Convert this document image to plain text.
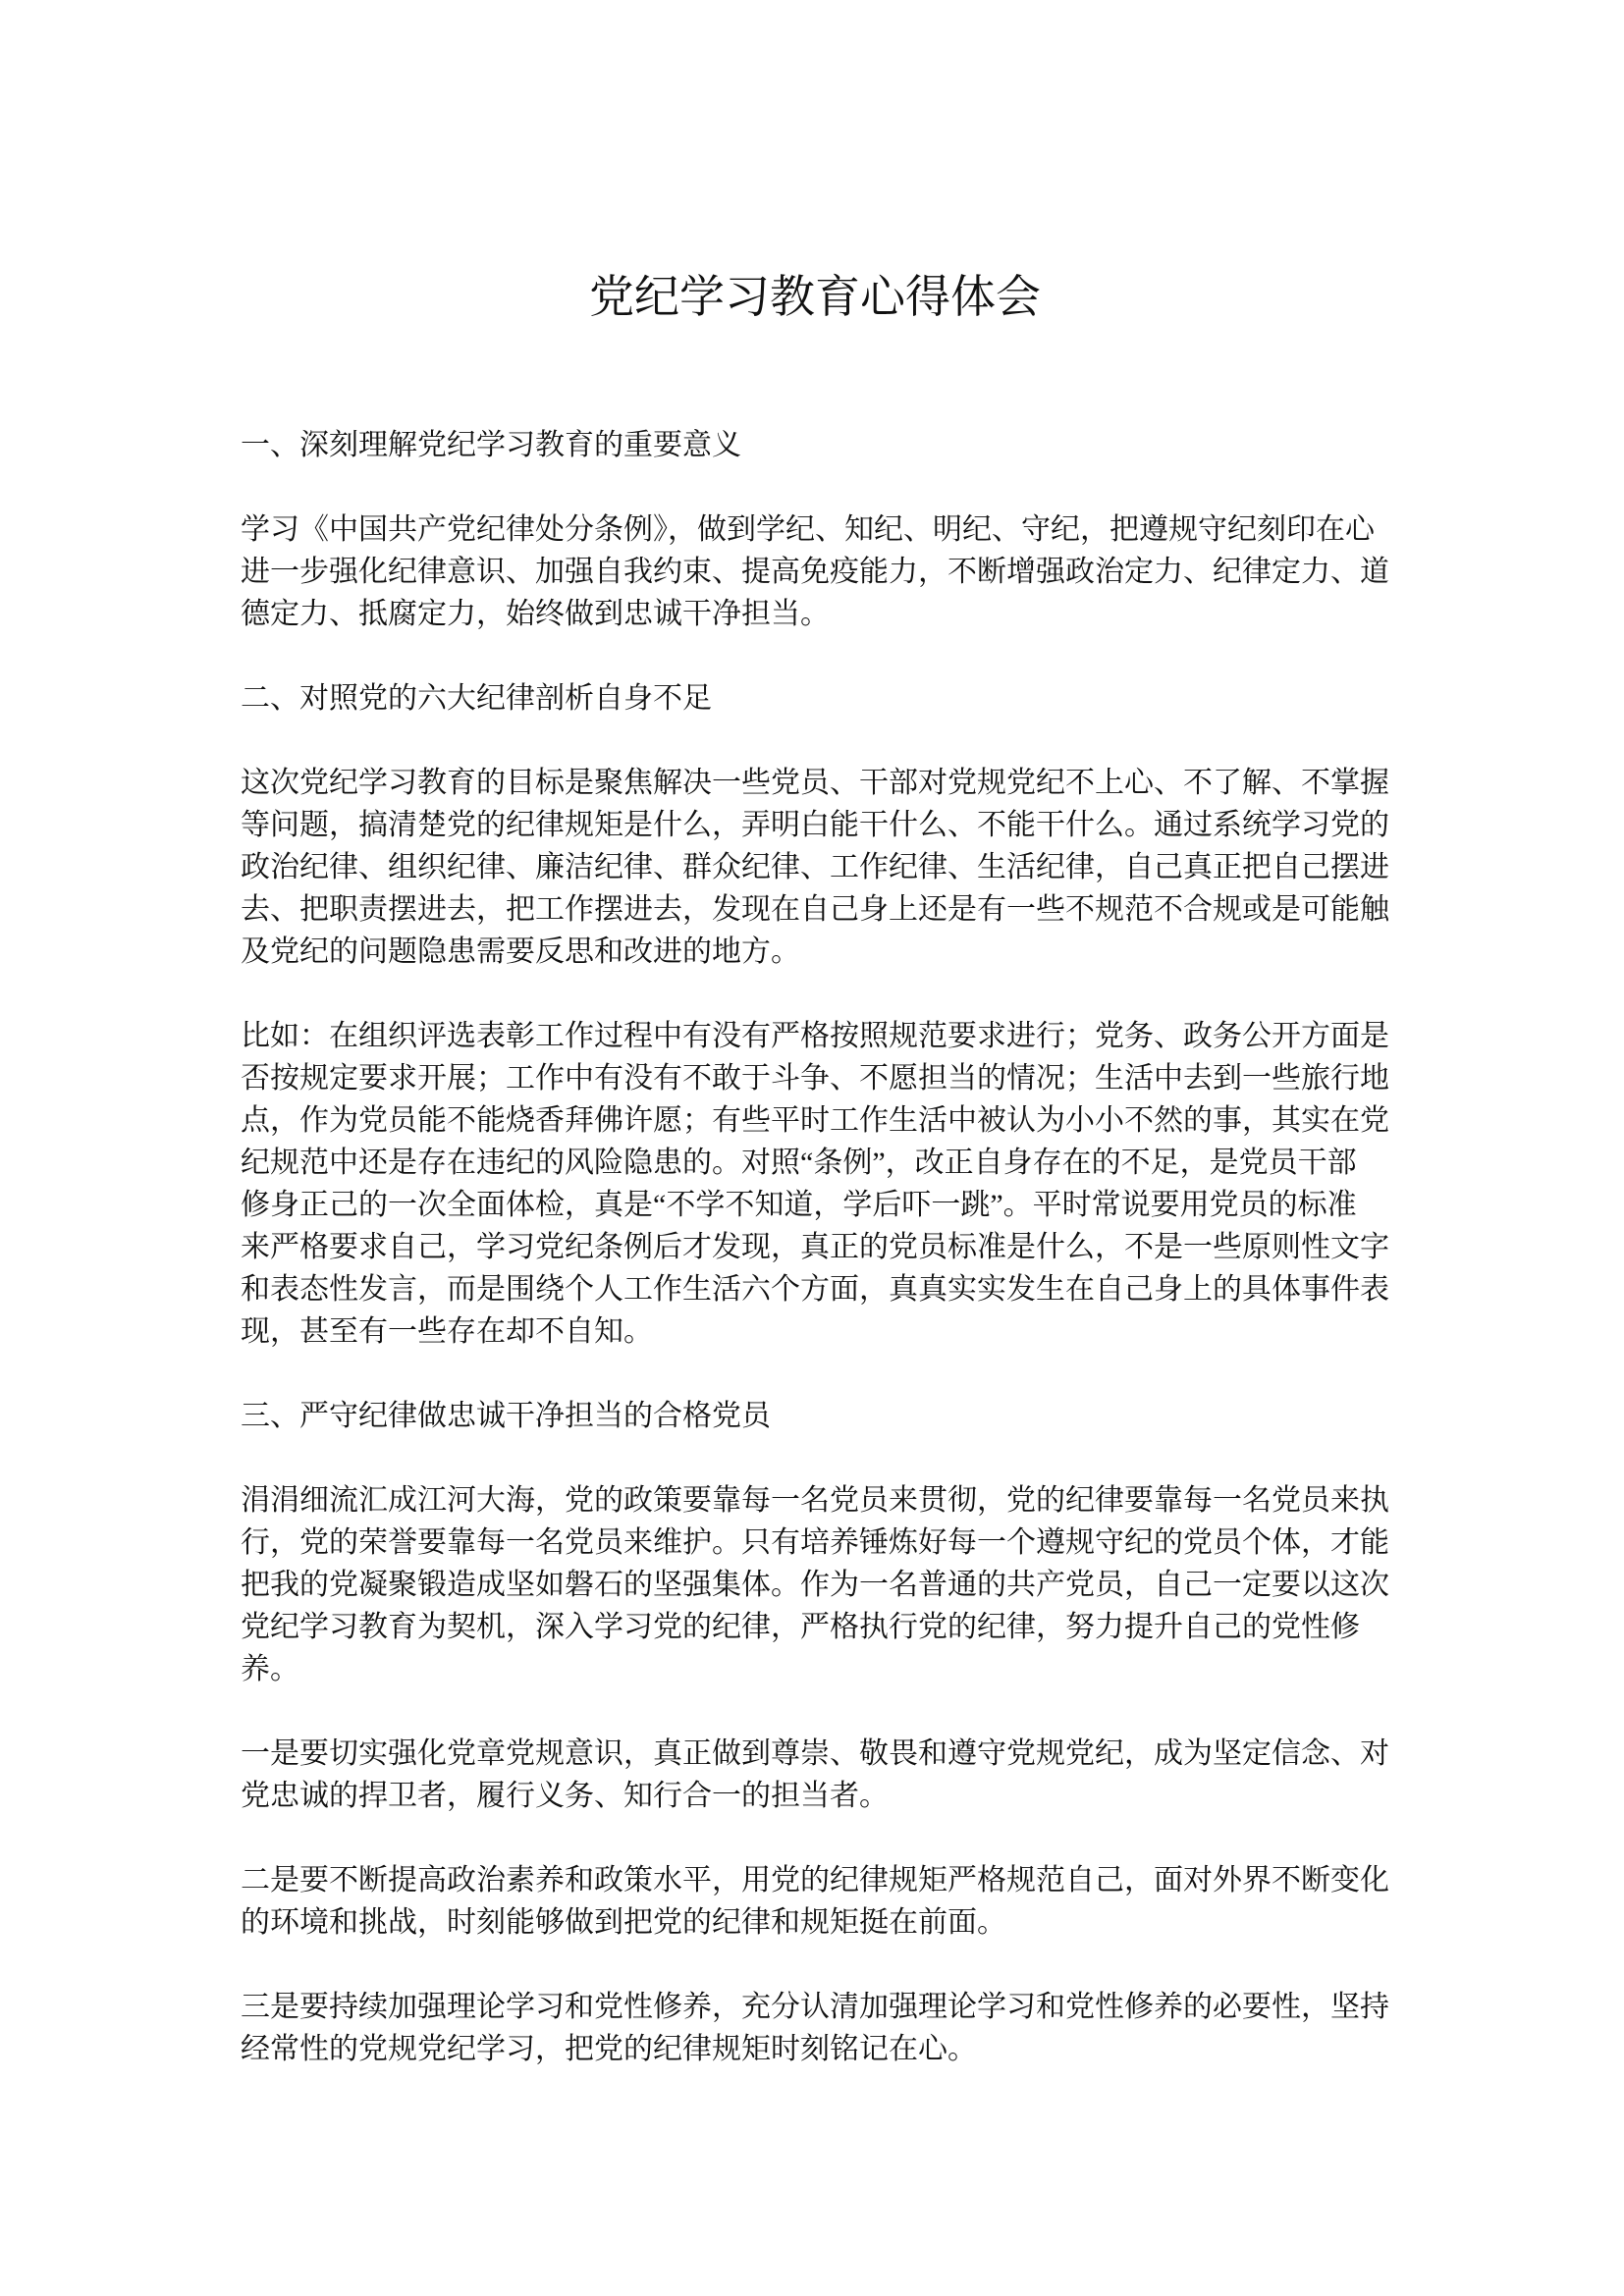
党纪学习教育心得体会
一、深刻理解党纪学习教育的重要意义
学习《中国共产党纪律处分条例》，做到学纪、知纪、明纪、守纪，把遵规守纪刻印在心
进一步强化纪律意识、加强自我约束、提高免疫能力，不断增强政治定力、纪律定力、道
德定力、抵腐定力，始终做到忠诚干净担当。
二、对照党的六大纪律剖析自身不足
这次党纪学习教育的目标是聚焦解决一些党员、干部对党规党纪不上心、不了解、不掌握
等问题，搞清楚党的纪律规矩是什么，弄明白能干什么、不能干什么。通过系统学习党的
政治纪律、组织纪律、廉洁纪律、群众纪律、工作纪律、生活纪律，自己真正把自己摆进
去、把职责摆进去，把工作摆进去，发现在自己身上还是有一些不规范不合规或是可能触
及党纪的问题隐患需要反思和改进的地方。
比如：在组织评选表彰工作过程中有没有严格按照规范要求进行；党务、政务公开方面是
否按规定要求开展；工作中有没有不敢于斗争、不愿担当的情况；生活中去到一些旅行地
点，作为党员能不能烧香拜佛许愿；有些平时工作生活中被认为小小不然的事，其实在党
纪规范中还是存在违纪的风险隐患的。对照“条例”，改正自身存在的不足，是党员干部
修身正己的一次全面体检，真是“不学不知道，学后吓一跳”。平时常说要用党员的标准
来严格要求自己，学习党纪条例后才发现，真正的党员标准是什么，不是一些原则性文字
和表态性发言，而是围绕个人工作生活六个方面，真真实实发生在自己身上的具体事件表
现，甚至有一些存在却不自知。
三、严守纪律做忠诚干净担当的合格党员
涓涓细流汇成江河大海，党的政策要靠每一名党员来贯彻，党的纪律要靠每一名党员来执
行，党的荣誉要靠每一名党员来维护。只有培养锤炼好每一个遵规守纪的党员个体，才能
把我的党凝聚锻造成坚如磐石的坚强集体。作为一名普通的共产党员，自己一定要以这次
党纪学习教育为契机，深入学习党的纪律，严格执行党的纪律，努力提升自己的党性修养。
一是要切实强化党章党规意识，真正做到尊崇、敬畏和遵守党规党纪，成为坚定信念、对
党忠诚的捍卫者，履行义务、知行合一的担当者。
二是要不断提高政治素养和政策水平，用党的纪律规矩严格规范自己，面对外界不断变化
的环境和挑战，时刻能够做到把党的纪律和规矩挺在前面。
三是要持续加强理论学习和党性修养，充分认清加强理论学习和党性修养的必要性，坚持
经常性的党规党纪学习，把党的纪律规矩时刻铭记在心。
